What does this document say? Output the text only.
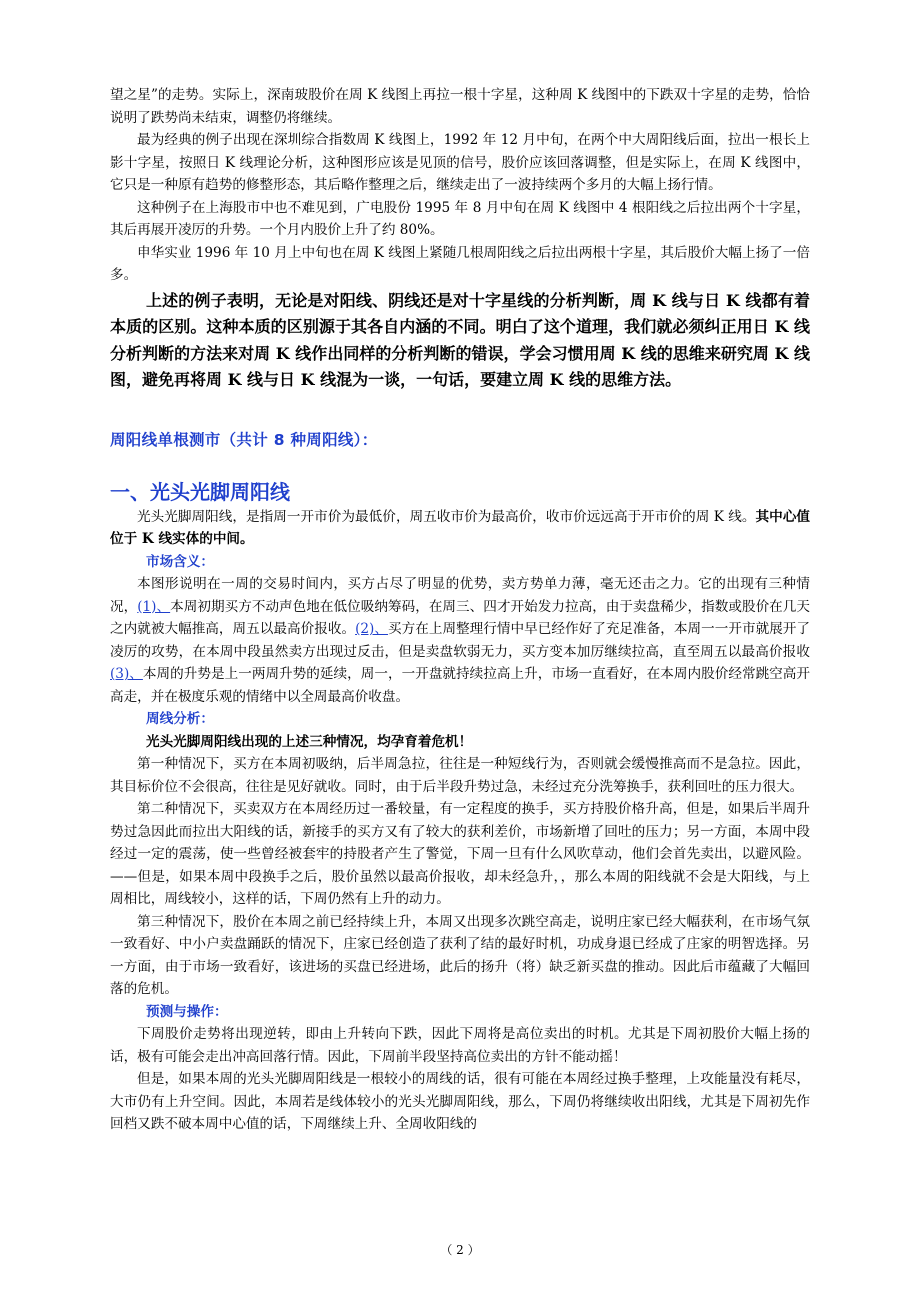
望之星”的走势。实际上，深南玻股价在周 K 线图上再拉一根十字星，这种周 K 线图中的下跌双十字星的走势，恰恰说明了跌势尚未结束，调整仍将继续。

最为经典的例子出现在深圳综合指数周 K 线图上，1992 年 12 月中旬，在两个中大周阳线后面，拉出一根长上影十字星，按照日 K 线理论分析，这种图形应该是见顶的信号，股价应该回落调整，但是实际上，在周 K 线图中，它只是一种原有趋势的修整形态，其后略作整理之后，继续走出了一波持续两个多月的大幅上扬行情。

这种例子在上海股市中也不难见到，广电股份 1995 年 8 月中旬在周 K 线图中 4 根阳线之后拉出两个十字星，其后再展开凌厉的升势。一个月内股价上升了约 80%。

申华实业 1996 年 10 月上中旬也在周 K 线图上紧随几根周阳线之后拉出两根十字星，其后股价大幅上扬了一倍多。

上述的例子表明，无论是对阳线、阴线还是对十字星线的分析判断，周 K 线与日 K 线都有着本质的区别。这种本质的区别源于其各自内涵的不同。明白了这个道理，我们就必须纠正用日 K 线分析判断的方法来对周 K 线作出同样的分析判断的错误，学会习惯用周 K 线的思维来研究周 K 线图，避免再将周 K 线与日 K 线混为一谈，一句话，要建立周 K 线的思维方法。

周阳线单根测市（共计 8 种周阳线）：

一、光头光脚周阳线

光头光脚周阳线，是指周一开市价为最低价，周五收市价为最高价，收市价远远高于开市价的周 K 线。其中心值位于 K 线实体的中间。

市场含义：

本图形说明在一周的交易时间内，买方占尽了明显的优势，卖方势单力薄，毫无还击之力。它的出现有三种情况，(1)、本周初期买方不动声色地在低位吸纳筹码，在周三、四才开始发力拉高，由于卖盘稀少，指数或股价在几天之内就被大幅推高，周五以最高价报收。(2)、买方在上周整理行情中早已经作好了充足准备，本周一一开市就展开了凌厉的攻势，在本周中段虽然卖方出现过反击，但是卖盘软弱无力，买方变本加厉继续拉高，直至周五以最高价报收(3)、本周的升势是上一两周升势的延续，周一，一开盘就持续拉高上升，市场一直看好，在本周内股价经常跳空高开高走，并在极度乐观的情绪中以全周最高价收盘。

周线分析：

光头光脚周阳线出现的上述三种情况，均孕育着危机！

第一种情况下，买方在本周初吸纳，后半周急拉，往往是一种短线行为，否则就会缓慢推高而不是急拉。因此，其目标价位不会很高，往往是见好就收。同时，由于后半段升势过急，未经过充分洗筹换手，获利回吐的压力很大。

第二种情况下，买卖双方在本周经历过一番较量，有一定程度的换手，买方持股价格升高，但是，如果后半周升势过急因此而拉出大阳线的话，新接手的买方又有了较大的获利差价，市场新增了回吐的压力；另一方面，本周中段经过一定的震荡，使一些曾经被套牢的持股者产生了警觉，下周一旦有什么风吹草动，他们会首先卖出，以避风险。——但是，如果本周中段换手之后，股价虽然以最高价报收，却未经急升，，那么本周的阳线就不会是大阳线，与上周相比，周线较小，这样的话，下周仍然有上升的动力。

第三种情况下，股价在本周之前已经持续上升，本周又出现多次跳空高走，说明庄家已经大幅获利，在市场气氛一致看好、中小户卖盘踊跃的情况下，庄家已经创造了获利了结的最好时机，功成身退已经成了庄家的明智选择。另一方面，由于市场一致看好，该进场的买盘已经进场，此后的扬升（将）缺乏新买盘的推动。因此后市蕴藏了大幅回落的危机。

预测与操作：

下周股价走势将出现逆转，即由上升转向下跌，因此下周将是高位卖出的时机。尤其是下周初股价大幅上扬的话，极有可能会走出冲高回落行情。因此，下周前半段坚持高位卖出的方针不能动摇！

但是，如果本周的光头光脚周阳线是一根较小的周线的话，很有可能在本周经过换手整理，上攻能量没有耗尽，大市仍有上升空间。因此，本周若是线体较小的光头光脚周阳线，那么，下周仍将继续收出阳线，尤其是下周初先作回档又跌不破本周中心值的话，下周继续上升、全周收阳线的

（ 2 ）
